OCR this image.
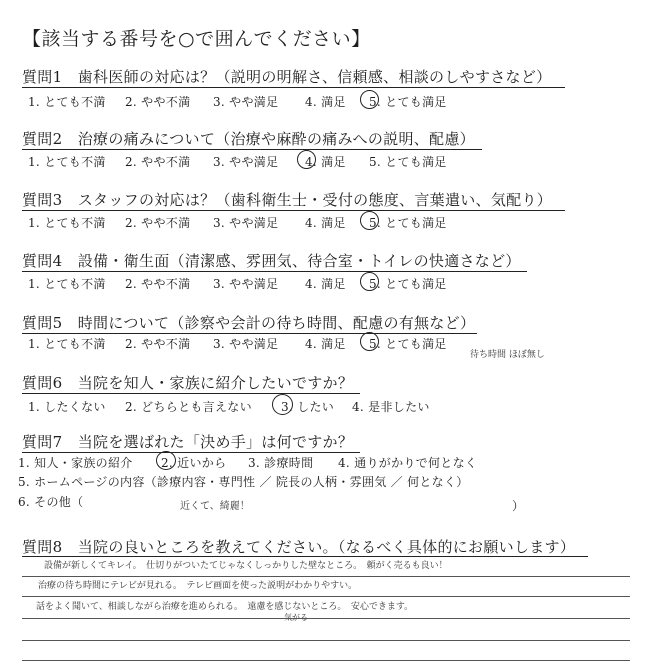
【該当する番号を○で囲んでください】
質問1　歯科医師の対応は？（説明の明解さ、信頼感、相談のしやすさなど）
1. とても不満 2. やや不満 3. やや満足 4. 満足 5. とても満足
質問2　治療の痛みについて（治療や麻酔の痛みへの説明、配慮）
1. とても不満 2. やや不満 3. やや満足 4. 満足 5. とても満足
質問3　スタッフの対応は？（歯科衛生士・受付の態度、言葉遣い、気配り）
1. とても不満 2. やや不満 3. やや満足 4. 満足 5. とても満足
質問4　設備・衛生面（清潔感、雰囲気、待合室・トイレの快適さなど）
1. とても不満 2. やや不満 3. やや満足 4. 満足 5. とても満足
質問5　時間について（診察や会計の待ち時間、配慮の有無など）
1. とても不満 2. やや不満 3. やや満足 4. 満足 5. とても満足
待ち時間 ほぼ無し
質問6　当院を知人・家族に紹介したいですか？
1. したくない 2. どちらとも言えない 3. したい 4. 是非したい
質問7　当院を選ばれた「決め手」は何ですか？
1. 知人・家族の紹介 2. 近いから 3. 診療時間 4. 通りがかりで何となく
5. ホームページの内容（診療内容・専門性 ／ 院長の人柄・雰囲気 ／ 何となく）
6. その他（	）
近くて、綺麗！
質問8　当院の良いところを教えてください。（なるべく具体的にお願いします）
設備が新しくてキレイ。　仕切りがついたてじゃなくしっかりした壁なところ。　頼がく売るも良い！
治療の待ち時間にテレビが見れる。　テレビ画面を使った説明がわかりやすい。
話をよく聞いて、相談しながら治療を進められる。　遠慮を感じないところ。　安心できます。
